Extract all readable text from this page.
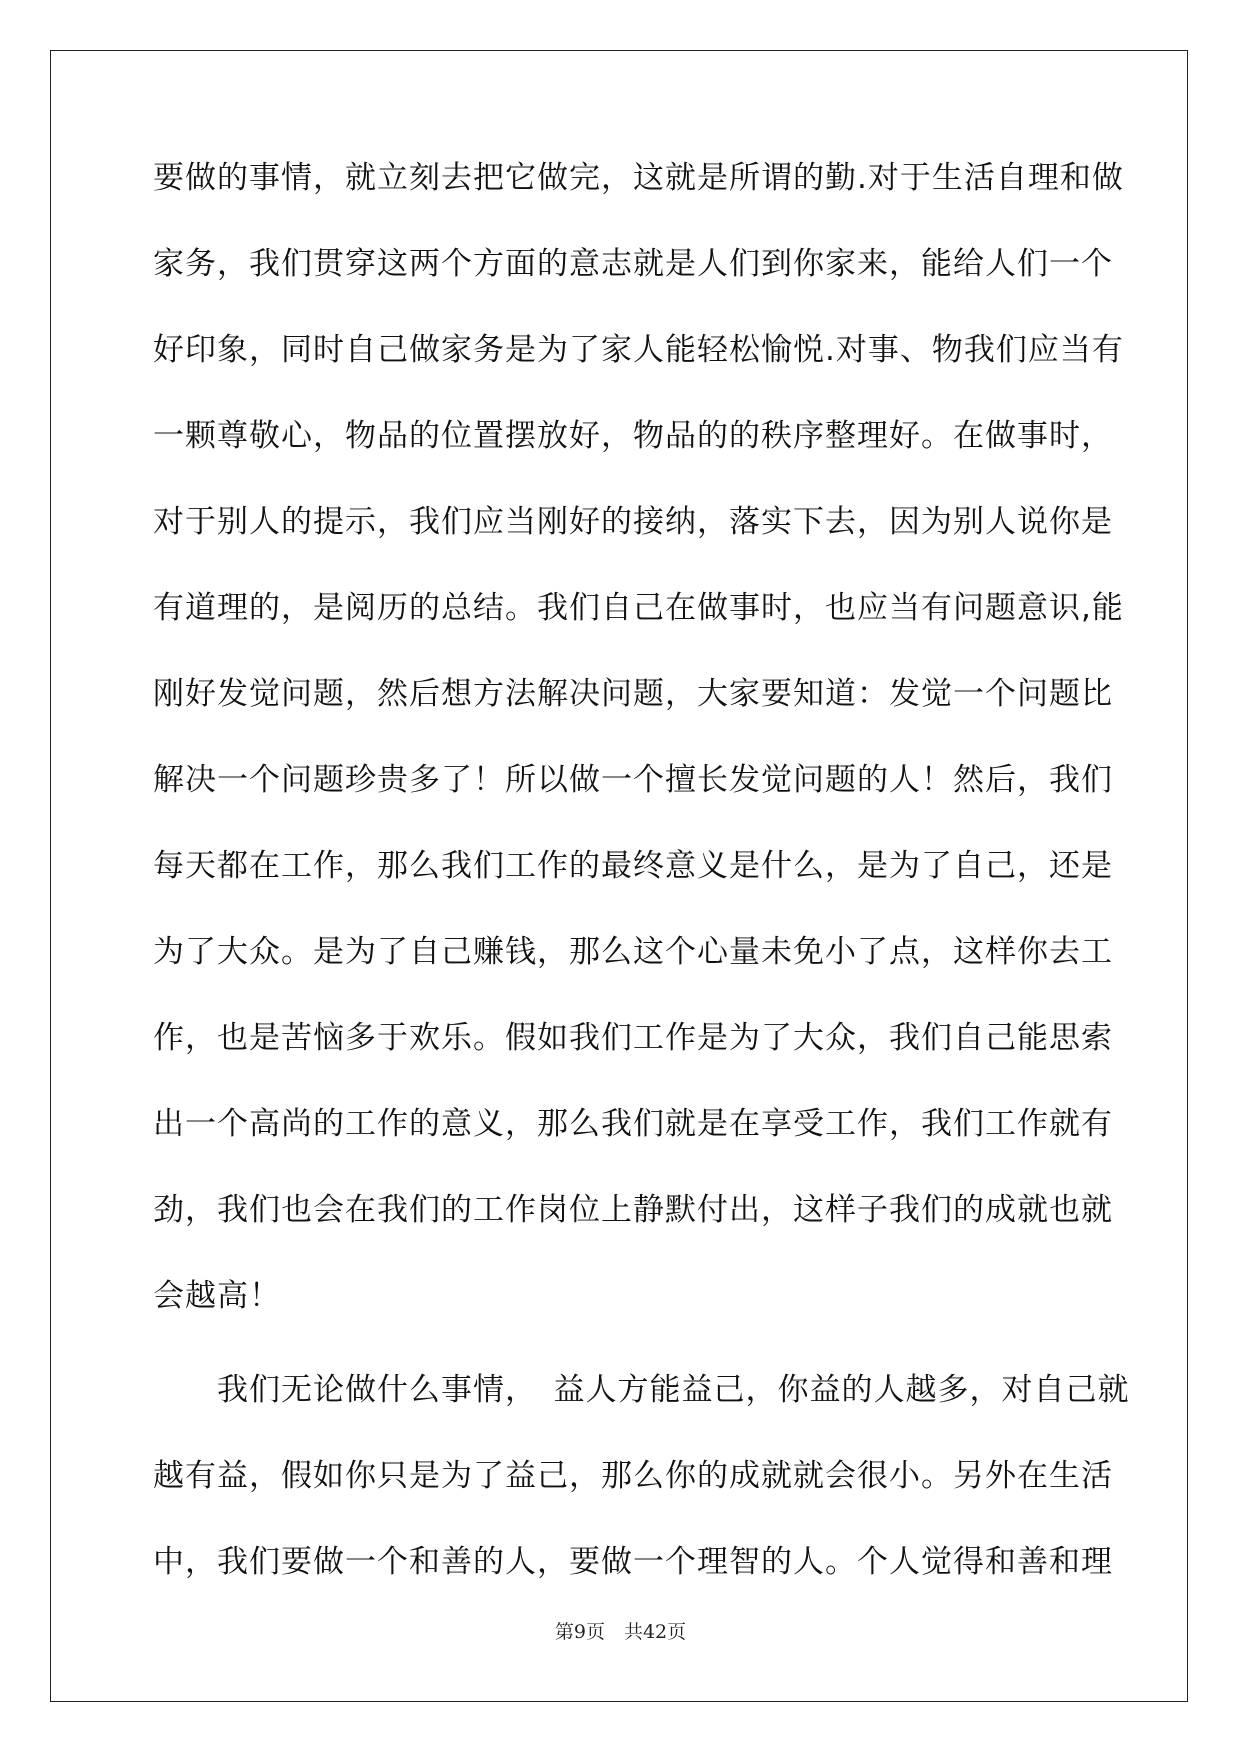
要做的事情，就立刻去把它做完，这就是所谓的勤.对于生活自理和做
家务，我们贯穿这两个方面的意志就是人们到你家来，能给人们一个
好印象，同时自己做家务是为了家人能轻松愉悦.对事、物我们应当有
一颗尊敬心，物品的位置摆放好，物品的的秩序整理好。在做事时，
对于别人的提示，我们应当刚好的接纳，落实下去，因为别人说你是
有道理的，是阅历的总结。我们自己在做事时，也应当有问题意识,能
刚好发觉问题，然后想方法解决问题，大家要知道：发觉一个问题比
解决一个问题珍贵多了！所以做一个擅长发觉问题的人！然后，我们
每天都在工作，那么我们工作的最终意义是什么，是为了自己，还是
为了大众。是为了自己赚钱，那么这个心量未免小了点，这样你去工
作，也是苦恼多于欢乐。假如我们工作是为了大众，我们自己能思索
出一个高尚的工作的意义，那么我们就是在享受工作，我们工作就有
劲，我们也会在我们的工作岗位上静默付出，这样子我们的成就也就
会越高！
　　我们无论做什么事情，　益人方能益己，你益的人越多，对自己就
越有益，假如你只是为了益己，那么你的成就就会很小。另外在生活
中，我们要做一个和善的人，要做一个理智的人。个人觉得和善和理
第9页　共42页
